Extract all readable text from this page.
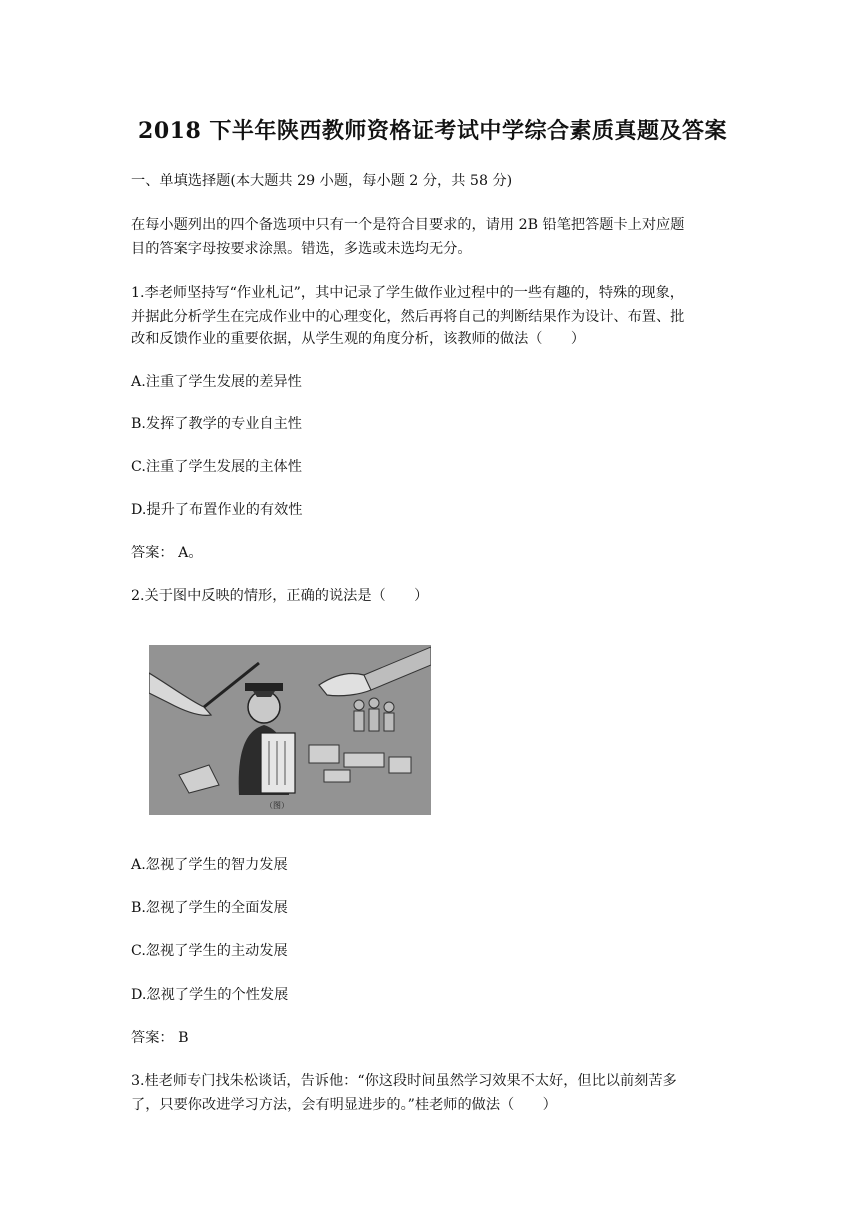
2018 下半年陕西教师资格证考试中学综合素质真题及答案
一、单填选择题(本大题共 29 小题，每小题 2 分，共 58 分)
在每小题列出的四个备选项中只有一个是符合目要求的，请用 2B 铅笔把答题卡上对应题
目的答案字母按要求涂黑。错选，多选或未选均无分。
1.李老师坚持写“作业札记”，其中记录了学生做作业过程中的一些有趣的，特殊的现象，
并据此分析学生在完成作业中的心理变化，然后再将自己的判断结果作为设计、布置、批
改和反馈作业的重要依据，从学生观的角度分析，该教师的做法（　　）
A.注重了学生发展的差异性
B.发挥了教学的专业自主性
C.注重了学生发展的主体性
D.提升了布置作业的有效性
答案： A。
2.关于图中反映的情形，正确的说法是（　　）
（图）
A.忽视了学生的智力发展
B.忽视了学生的全面发展
C.忽视了学生的主动发展
D.忽视了学生的个性发展
答案： B
3.桂老师专门找朱松谈话，告诉他：“你这段时间虽然学习效果不太好，但比以前刻苦多
了，只要你改进学习方法，会有明显进步的。”桂老师的做法（　　）
